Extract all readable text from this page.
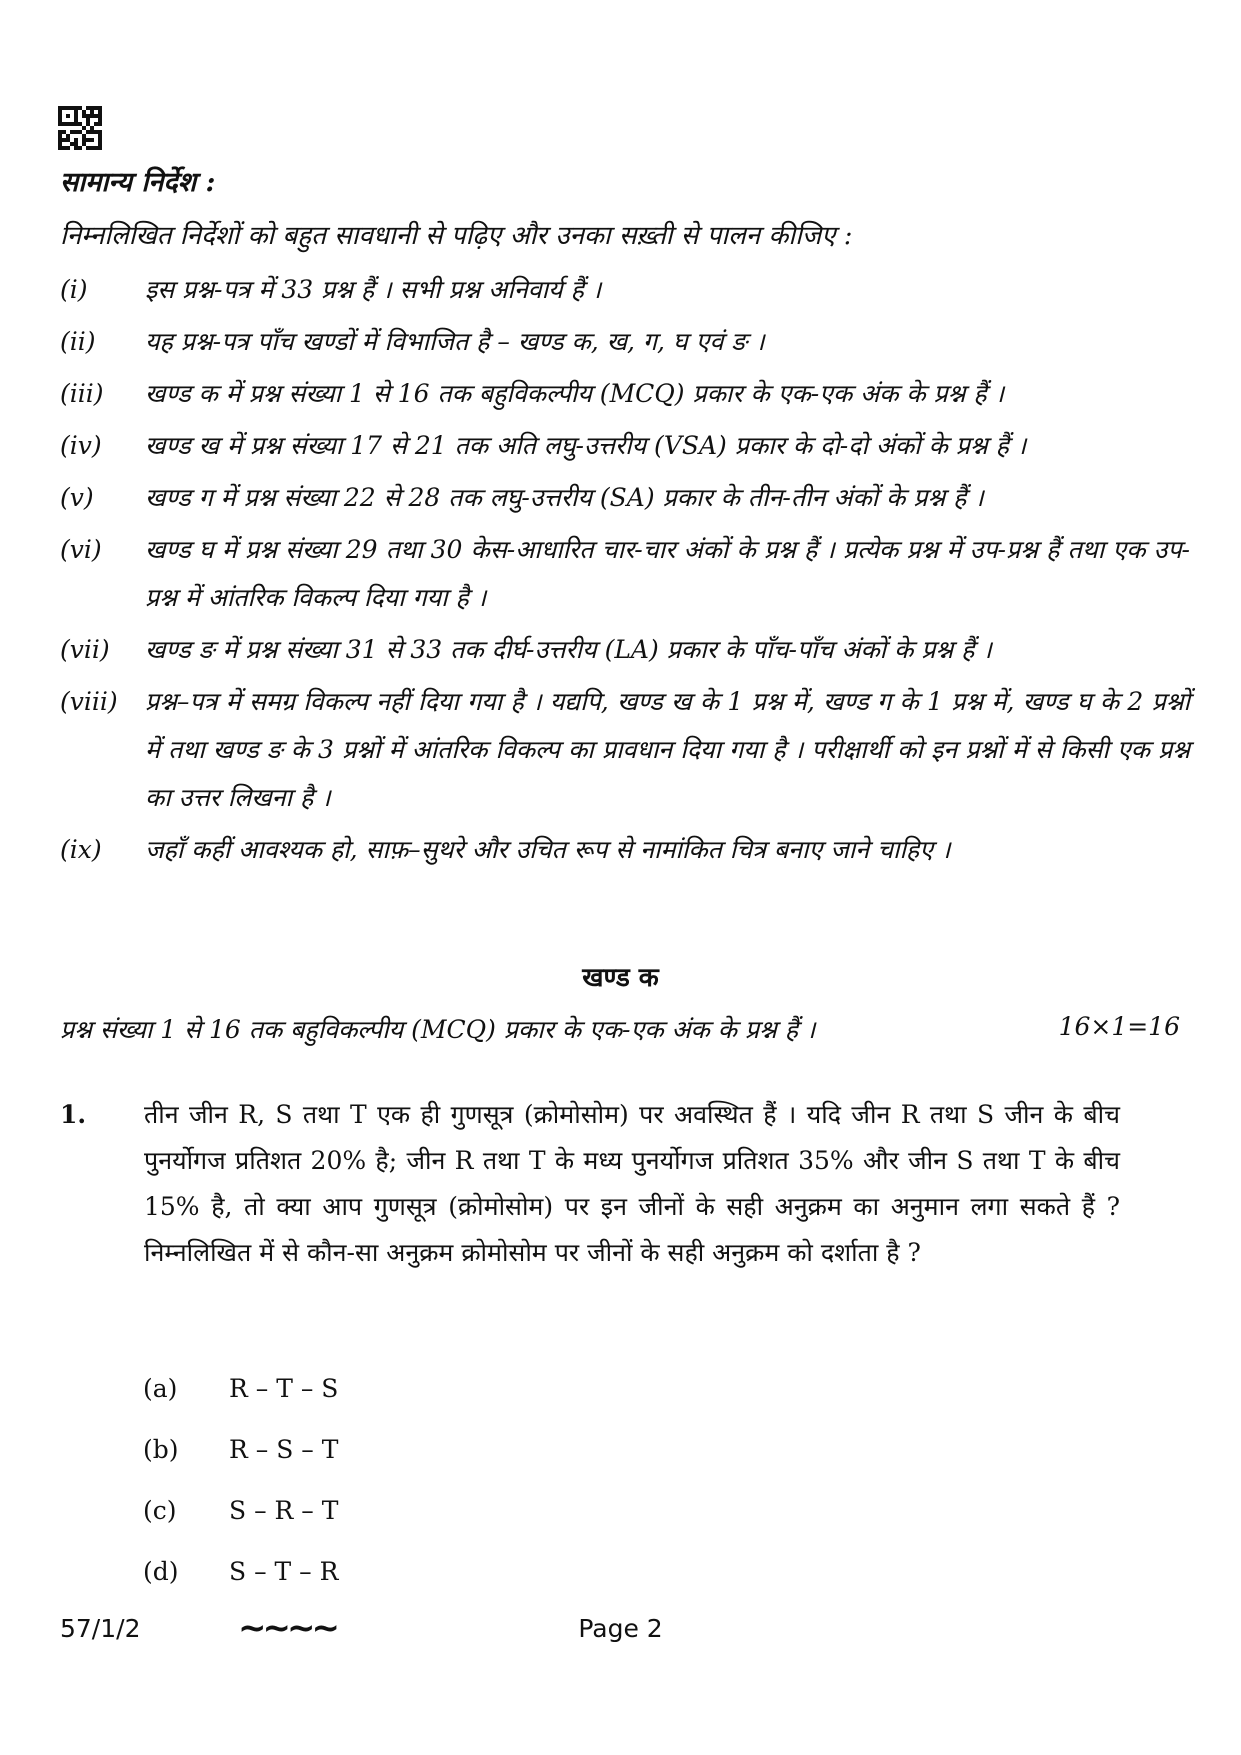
सामान्य निर्देश :
निम्नलिखित निर्देशों को बहुत सावधानी से पढ़िए और उनका सख़्ती से पालन कीजिए :
(i)	इस प्रश्न-पत्र में 33 प्रश्न हैं । सभी प्रश्न अनिवार्य हैं ।
(ii)	यह प्रश्न-पत्र पाँच खण्डों में विभाजित है – खण्ड क, ख, ग, घ एवं ङ ।
(iii)	खण्ड क में प्रश्न संख्या 1 से 16 तक बहुविकल्पीय (MCQ) प्रकार के एक-एक अंक के प्रश्न हैं ।
(iv)	खण्ड ख में प्रश्न संख्या 17 से 21 तक अति लघु-उत्तरीय (VSA) प्रकार के दो-दो अंकों के प्रश्न हैं ।
(v)	खण्ड ग में प्रश्न संख्या 22 से 28 तक लघु-उत्तरीय (SA) प्रकार के तीन-तीन अंकों के प्रश्न हैं ।
(vi)	खण्ड घ में प्रश्न संख्या 29 तथा 30 केस-आधारित चार-चार अंकों के प्रश्न हैं । प्रत्येक प्रश्न में उप-प्रश्न हैं तथा एक उप-प्रश्न में आंतरिक विकल्प दिया गया है ।
(vii)	खण्ड ङ में प्रश्न संख्या 31 से 33 तक दीर्घ-उत्तरीय (LA) प्रकार के पाँच-पाँच अंकों के प्रश्न हैं ।
(viii)	प्रश्न–पत्र में समग्र विकल्प नहीं दिया गया है । यद्यपि, खण्ड ख के 1 प्रश्न में, खण्ड ग के 1 प्रश्न में, खण्ड घ के 2 प्रश्नों में तथा खण्ड ङ के 3 प्रश्नों में आंतरिक विकल्प का प्रावधान दिया गया है । परीक्षार्थी को इन प्रश्नों में से किसी एक प्रश्न का उत्तर लिखना है ।
(ix)	जहाँ कहीं आवश्यक हो, साफ़–सुथरे और उचित रूप से नामांकित चित्र बनाए जाने चाहिए ।
खण्ड क
प्रश्न संख्या 1 से 16 तक बहुविकल्पीय (MCQ) प्रकार के एक-एक अंक के प्रश्न हैं ।	16×1=16
1.	तीन जीन R, S तथा T एक ही गुणसूत्र (क्रोमोसोम) पर अवस्थित हैं । यदि जीन R तथा S जीन के बीच पुनर्योगज प्रतिशत 20% है; जीन R तथा T के मध्य पुनर्योगज प्रतिशत 35% और जीन S तथा T के बीच 15% है, तो क्या आप गुणसूत्र (क्रोमोसोम) पर इन जीनों के सही अनुक्रम का अनुमान लगा सकते हैं ? निम्नलिखित में से कौन-सा अनुक्रम क्रोमोसोम पर जीनों के सही अनुक्रम को दर्शाता है ?
(a)	R – T – S
(b)	R – S – T
(c)	S – R – T
(d)	S – T – R
57/1/2	~~~~	Page 2
